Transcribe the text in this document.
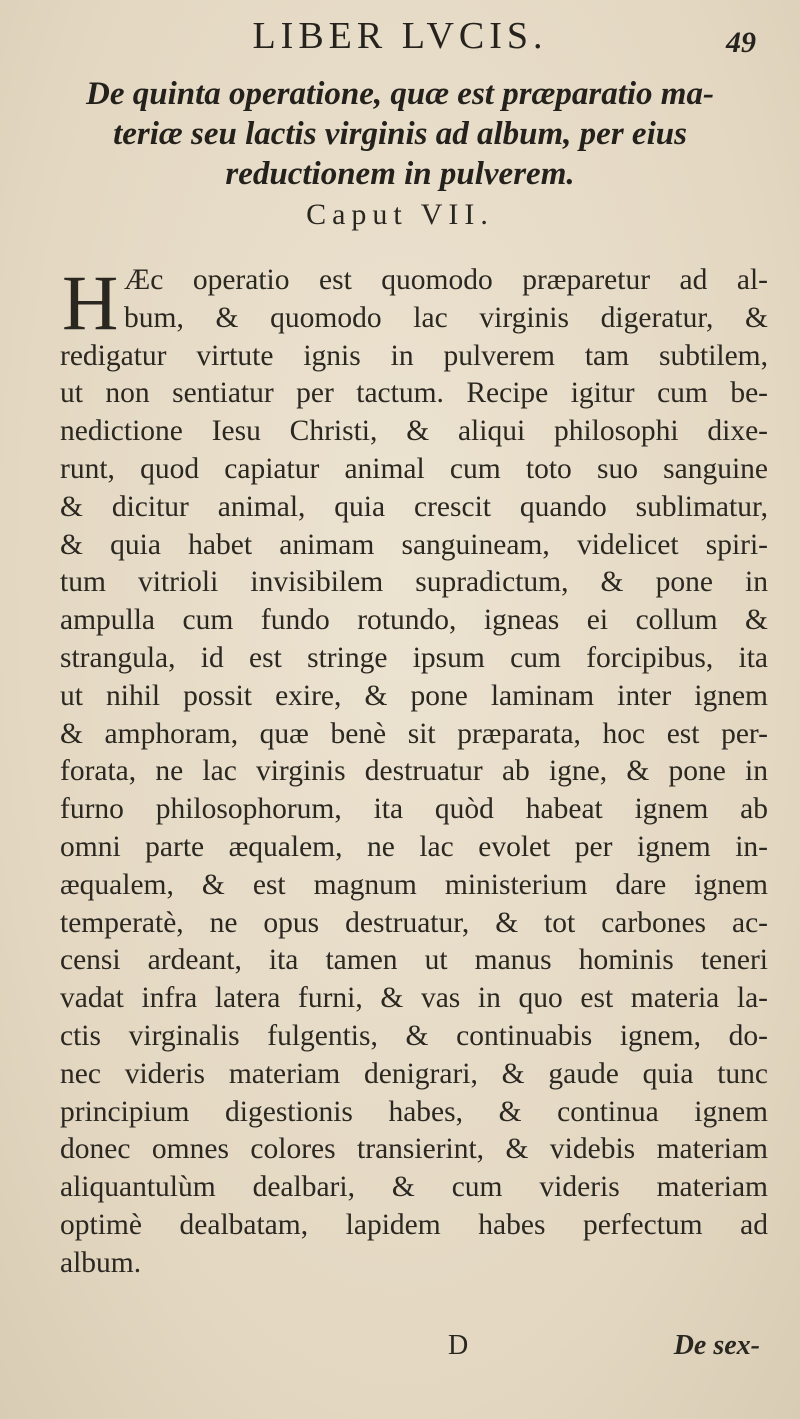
LIBER LVCIS.	49
De quinta operatione, quæ est præparatio ma-
teriæ seu lactis virginis ad album, per eius
reductionem in pulverem.
Caput VII.
H Æc operatio est quomodo præparetur ad al-
bum, & quomodo lac virginis digeratur, &
redigatur virtute ignis in pulverem tam subtilem,
ut non sentiatur per tactum. Recipe igitur cum be-
nedictione Iesu Christi, & aliqui philosophi dixe-
runt, quod capiatur animal cum toto suo sanguine
& dicitur animal, quia crescit quando sublimatur,
& quia habet animam sanguineam, videlicet spiri-
tum vitrioli invisibilem supradictum, & pone in
ampulla cum fundo rotundo, igneas ei collum &
strangula, id est stringe ipsum cum forcipibus, ita
ut nihil possit exire, & pone laminam inter ignem
& amphoram, quæ benè sit præparata, hoc est per-
forata, ne lac virginis destruatur ab igne, & pone in
furno philosophorum, ita quòd habeat ignem ab
omni parte æqualem, ne lac evolet per ignem in-
æqualem, & est magnum ministerium dare ignem
temperatè, ne opus destruatur, & tot carbones ac-
censi ardeant, ita tamen ut manus hominis teneri
vadat infra latera furni, & vas in quo est materia la-
ctis virginalis fulgentis, & continuabis ignem, do-
nec videris materiam denigrari, & gaude quia tunc
principium digestionis habes, & continua ignem
donec omnes colores transierint, & videbis materiam
aliquantulùm dealbari, & cum videris materiam
optimè dealbatam, lapidem habes perfectum ad
album.
D	De sex-
